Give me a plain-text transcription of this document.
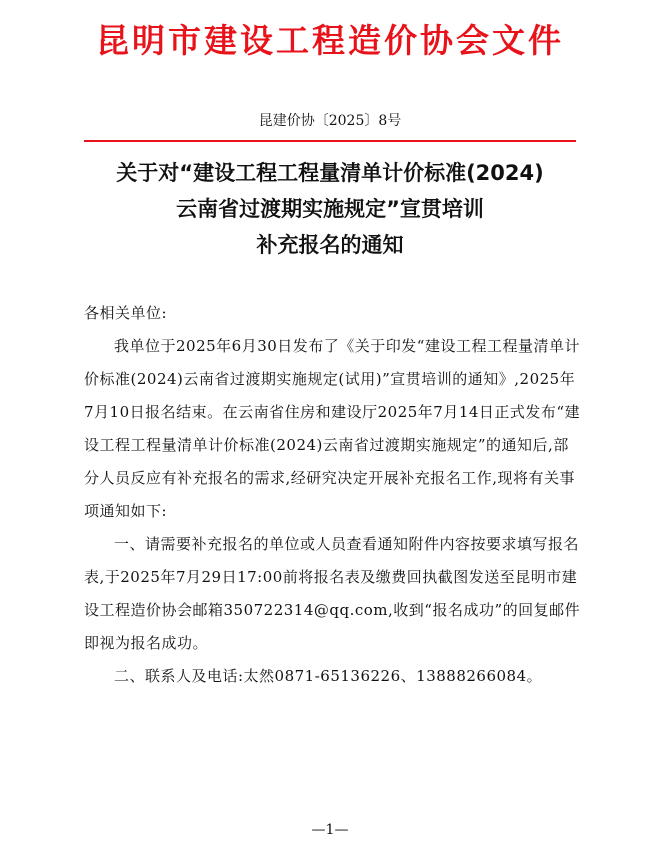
昆明市建设工程造价协会文件
昆建价协〔2025〕8号
关于对“建设工程工程量清单计价标准(2024)
云南省过渡期实施规定”宣贯培训
补充报名的通知

各相关单位:

我单位于2025年6月30日发布了《关于印发“建设工程工程量清单计价标准(2024)云南省过渡期实施规定(试用)”宣贯培训的通知》,2025年7月10日报名结束。在云南省住房和建设厅2025年7月14日正式发布“建设工程工程量清单计价标准(2024)云南省过渡期实施规定”的通知后,部分人员反应有补充报名的需求,经研究决定开展补充报名工作,现将有关事项通知如下:

一、请需要补充报名的单位或人员查看通知附件内容按要求填写报名表,于2025年7月29日17:00前将报名表及缴费回执截图发送至昆明市建设工程造价协会邮箱350722314@qq.com,收到“报名成功”的回复邮件即视为报名成功。

二、联系人及电话:太然0871-65136226、13888266084。

—1—
